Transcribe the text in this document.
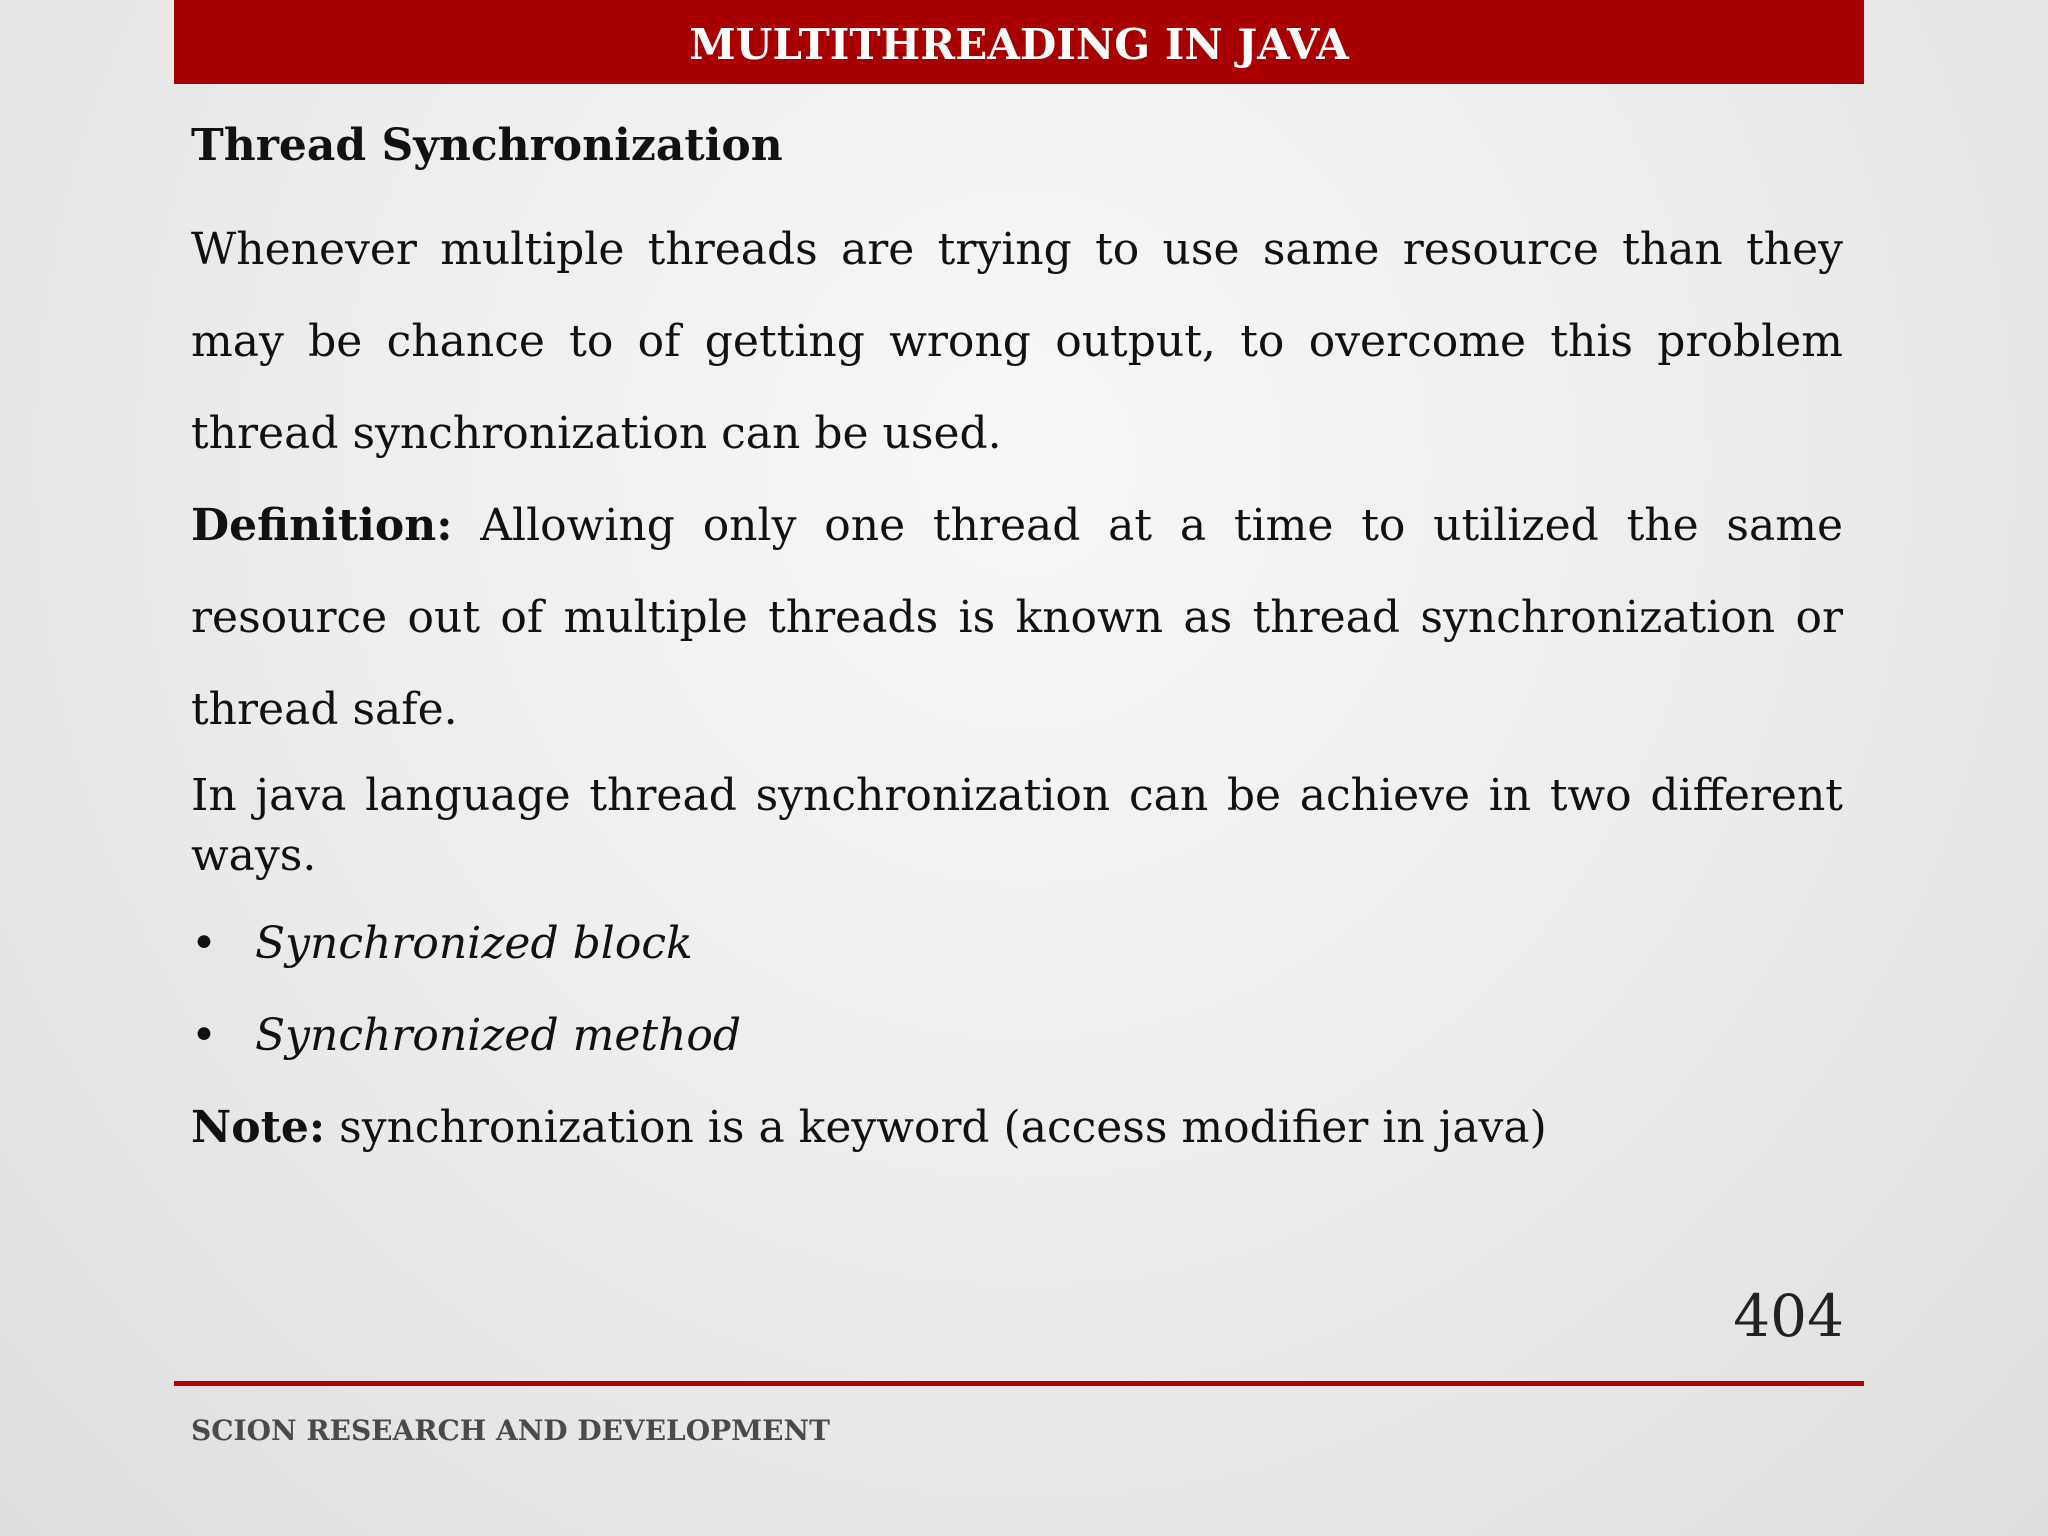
MULTITHREADING IN JAVA
Thread Synchronization

Whenever multiple threads are trying to use same resource than they may be chance to of getting wrong output, to overcome this problem thread synchronization can be used.

Definition: Allowing only one thread at a time to utilized the same resource out of multiple threads is known as thread synchronization or thread safe.

In java language thread synchronization can be achieve in two different ways.

• Synchronized block
• Synchronized method

Note: synchronization is a keyword (access modifier in java)

404
SCION RESEARCH AND DEVELOPMENT
